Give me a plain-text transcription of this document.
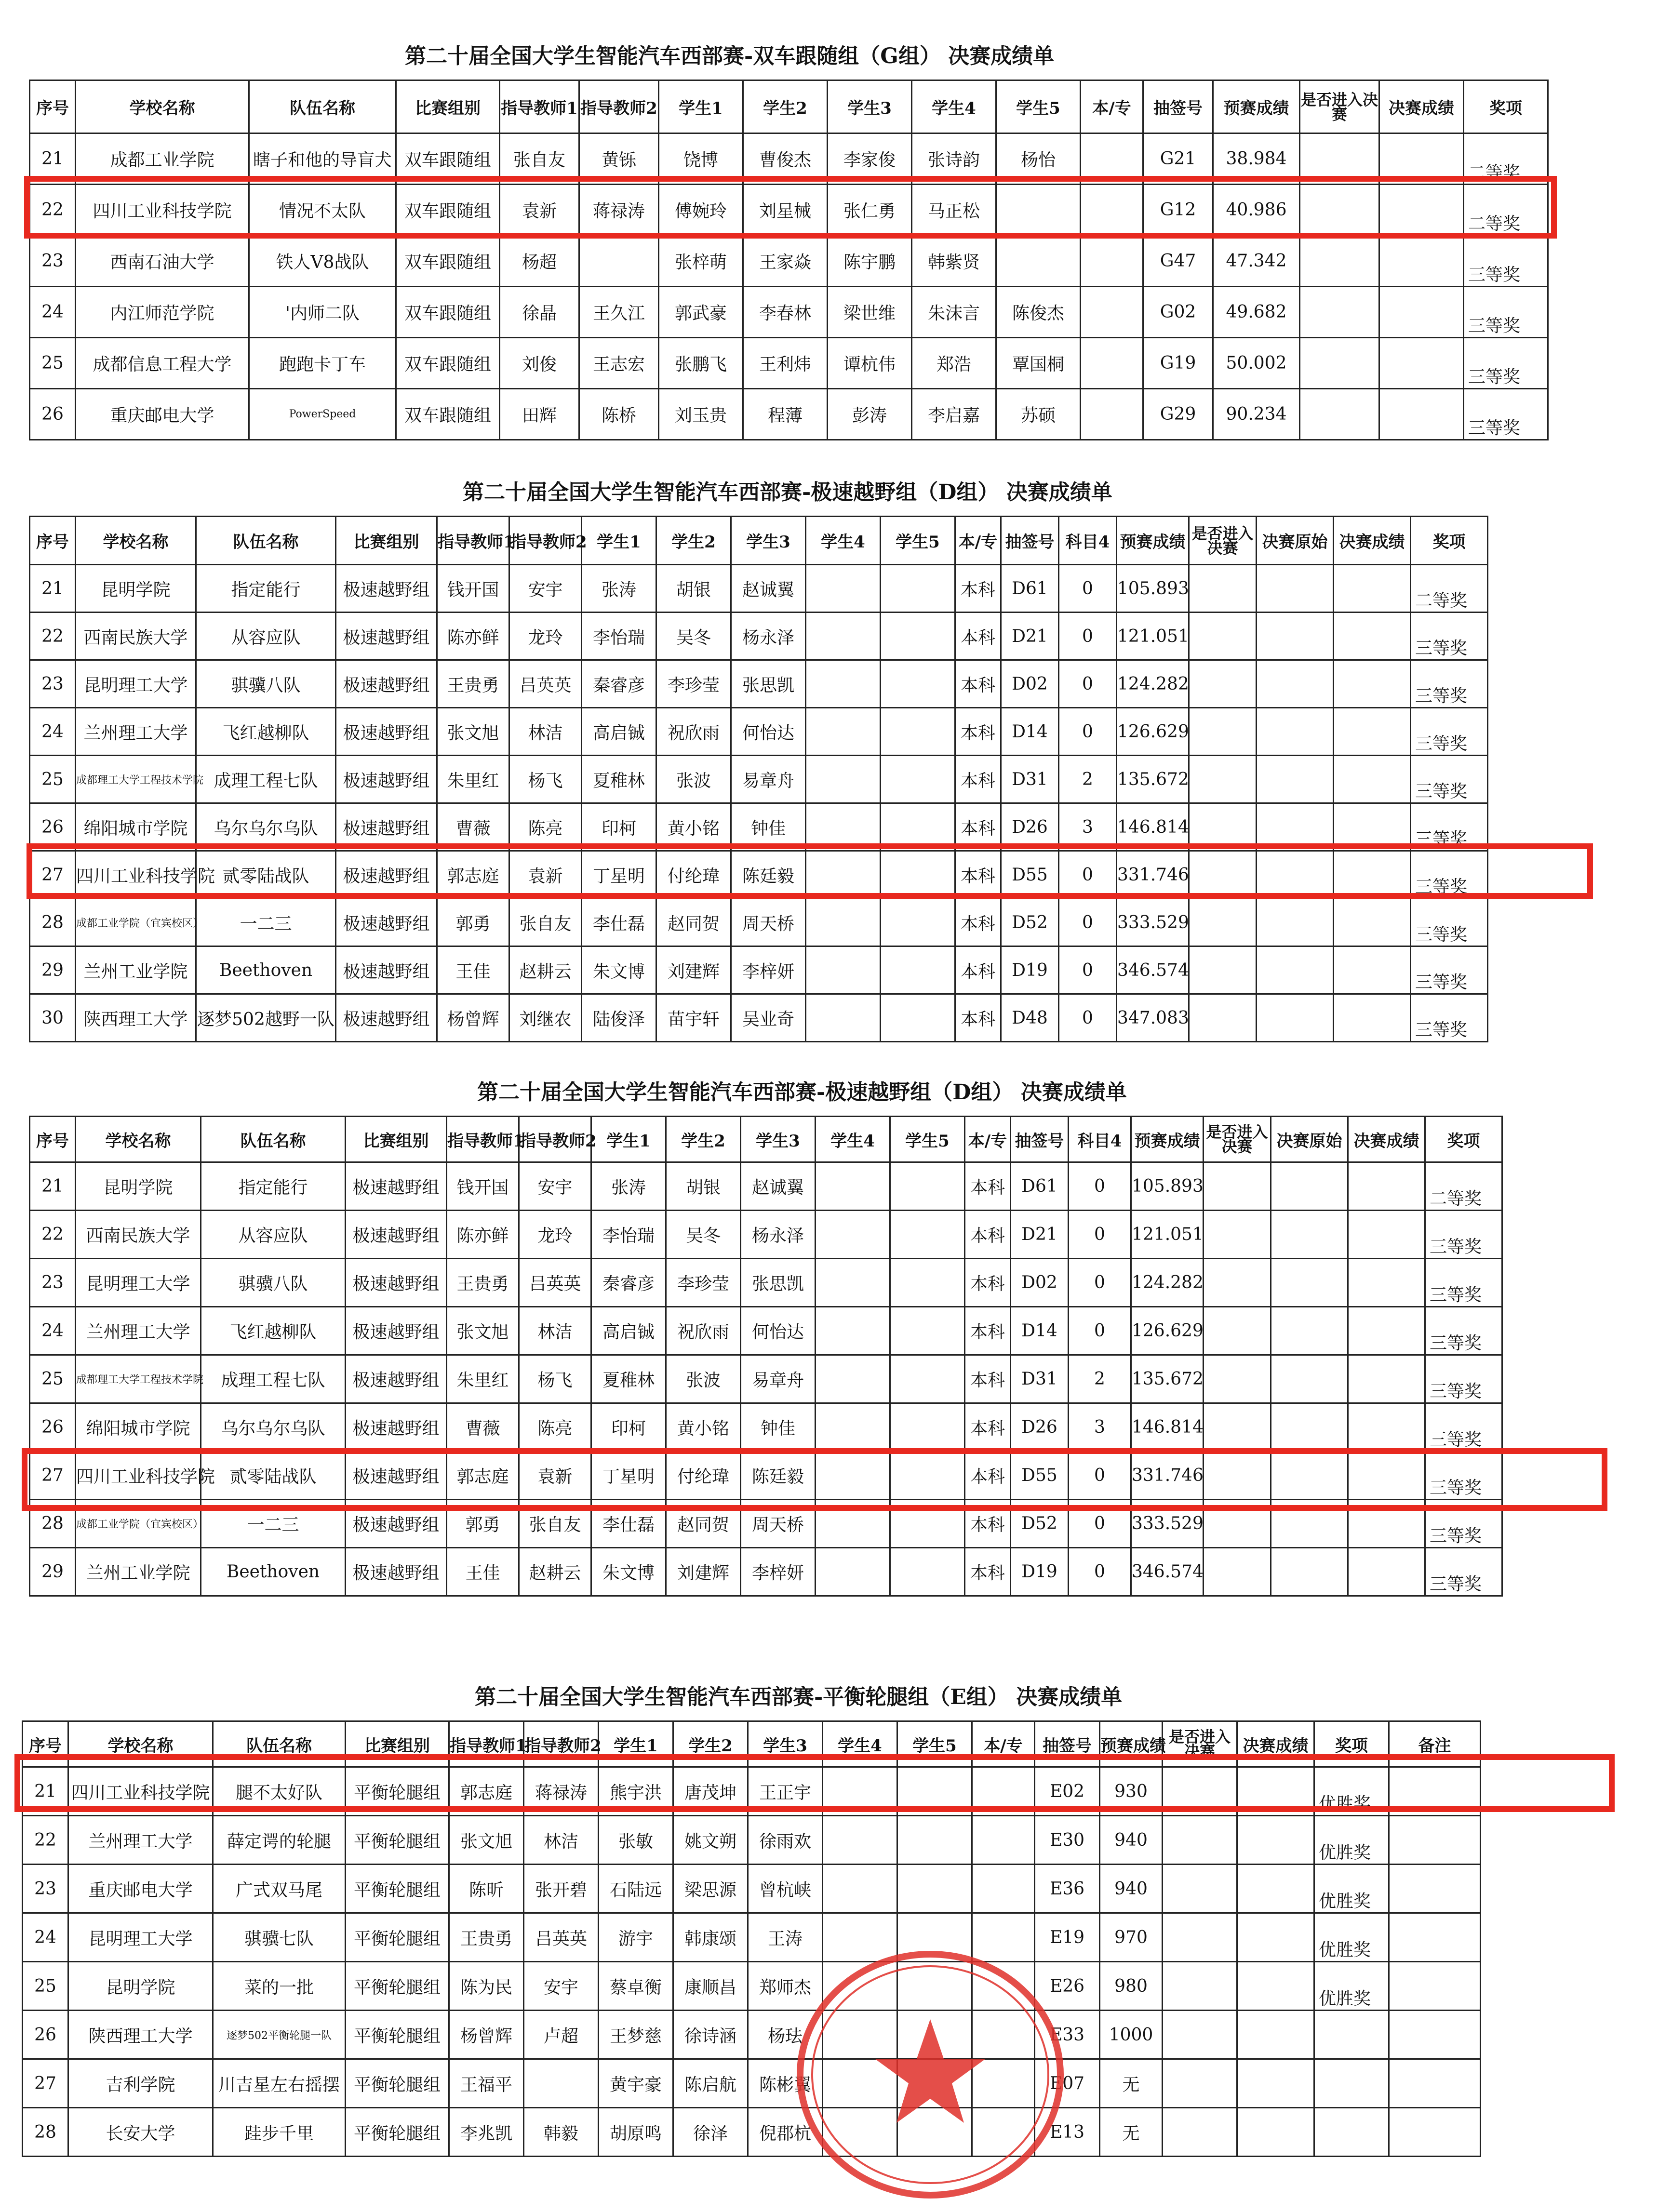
第二十届全国大学生智能汽车西部赛-双车跟随组（G组） 决赛成绩单
序号	学校名称	队伍名称	比赛组别	指导教师1	指导教师2	学生1	学生2	学生3	学生4	学生5	本/专	抽签号	预赛成绩	是否进入决赛	决赛成绩	奖项
21	成都工业学院	瞎子和他的导盲犬	双车跟随组	张自友	黄铄	饶博	曹俊杰	李家俊	张诗韵	杨怡		G21	38.984			二等奖
22	四川工业科技学院	情况不太队	双车跟随组	袁新	蒋禄涛	傅婉玲	刘星械	张仁勇	马正松			G12	40.986			二等奖
23	西南石油大学	铁人V8战队	双车跟随组	杨超		张梓萌	王家焱	陈宇鹏	韩紫贤			G47	47.342			三等奖
24	内江师范学院	'内师二队	双车跟随组	徐晶	王久江	郭武豪	李春林	梁世维	朱沫言	陈俊杰		G02	49.682			三等奖
25	成都信息工程大学	跑跑卡丁车	双车跟随组	刘俊	王志宏	张鹏飞	王利炜	谭杭伟	郑浩	覃国桐		G19	50.002			三等奖
26	重庆邮电大学	PowerSpeed	双车跟随组	田辉	陈桥	刘玉贵	程薄	彭涛	李启嘉	苏硕		G29	90.234			三等奖
第二十届全国大学生智能汽车西部赛-极速越野组（D组） 决赛成绩单
序号	学校名称	队伍名称	比赛组别	指导教师1	指导教师2	学生1	学生2	学生3	学生4	学生5	本/专	抽签号	科目4	预赛成绩	是否进入决赛	决赛原始	决赛成绩	奖项
21	昆明学院	指定能行	极速越野组	钱开国	安宇	张涛	胡银	赵诚翼			本科	D61	0	105.893				二等奖
22	西南民族大学	从容应队	极速越野组	陈亦鲜	龙玲	李怡瑞	吴冬	杨永泽			本科	D21	0	121.051				三等奖
23	昆明理工大学	骐骥八队	极速越野组	王贵勇	吕英英	秦睿彦	李珍莹	张思凯			本科	D02	0	124.282				三等奖
24	兰州理工大学	飞红越柳队	极速越野组	张文旭	林洁	高启铖	祝欣雨	何怡达			本科	D14	0	126.629				三等奖
25	成都理工大学工程技术学院	成理工程七队	极速越野组	朱里红	杨飞	夏稚林	张波	易章舟			本科	D31	2	135.672				三等奖
26	绵阳城市学院	乌尔乌尔乌队	极速越野组	曹薇	陈亮	印柯	黄小铭	钟佳			本科	D26	3	146.814				三等奖
27	四川工业科技学院	贰零陆战队	极速越野组	郭志庭	袁新	丁星明	付纶瑋	陈廷毅			本科	D55	0	331.746				三等奖
28	成都工业学院（宜宾校区）	一二三	极速越野组	郭勇	张自友	李仕磊	赵同贺	周天桥			本科	D52	0	333.529				三等奖
29	兰州工业学院	Beethoven	极速越野组	王佳	赵耕云	朱文博	刘建辉	李梓妍			本科	D19	0	346.574				三等奖
30	陕西理工大学	逐梦502越野一队	极速越野组	杨曾辉	刘继农	陆俊泽	苗宇轩	吴业奇			本科	D48	0	347.083				三等奖
第二十届全国大学生智能汽车西部赛-极速越野组（D组） 决赛成绩单
序号	学校名称	队伍名称	比赛组别	指导教师1	指导教师2	学生1	学生2	学生3	学生4	学生5	本/专	抽签号	科目4	预赛成绩	是否进入决赛	决赛原始	决赛成绩	奖项
21	昆明学院	指定能行	极速越野组	钱开国	安宇	张涛	胡银	赵诚翼			本科	D61	0	105.893				二等奖
22	西南民族大学	从容应队	极速越野组	陈亦鲜	龙玲	李怡瑞	吴冬	杨永泽			本科	D21	0	121.051				三等奖
23	昆明理工大学	骐骥八队	极速越野组	王贵勇	吕英英	秦睿彦	李珍莹	张思凯			本科	D02	0	124.282				三等奖
24	兰州理工大学	飞红越柳队	极速越野组	张文旭	林洁	高启铖	祝欣雨	何怡达			本科	D14	0	126.629				三等奖
25	成都理工大学工程技术学院	成理工程七队	极速越野组	朱里红	杨飞	夏稚林	张波	易章舟			本科	D31	2	135.672				三等奖
26	绵阳城市学院	乌尔乌尔乌队	极速越野组	曹薇	陈亮	印柯	黄小铭	钟佳			本科	D26	3	146.814				三等奖
27	四川工业科技学院	贰零陆战队	极速越野组	郭志庭	袁新	丁星明	付纶瑋	陈廷毅			本科	D55	0	331.746				三等奖
28	成都工业学院（宜宾校区）	一二三	极速越野组	郭勇	张自友	李仕磊	赵同贺	周天桥			本科	D52	0	333.529				三等奖
29	兰州工业学院	Beethoven	极速越野组	王佳	赵耕云	朱文博	刘建辉	李梓妍			本科	D19	0	346.574				三等奖
第二十届全国大学生智能汽车西部赛-平衡轮腿组（E组） 决赛成绩单
序号	学校名称	队伍名称	比赛组别	指导教师1	指导教师2	学生1	学生2	学生3	学生4	学生5	本/专	抽签号	预赛成绩	是否进入决赛	决赛成绩	奖项	备注
21	四川工业科技学院	腿不太好队	平衡轮腿组	郭志庭	蒋禄涛	熊宇洪	唐茂坤	王正宇				E02	930			优胜奖	
22	兰州理工大学	薛定谔的轮腿	平衡轮腿组	张文旭	林洁	张敏	姚文朔	徐雨欢				E30	940			优胜奖	
23	重庆邮电大学	广式双马尾	平衡轮腿组	陈昕	张开碧	石陆远	梁思源	曾杭峡				E36	940			优胜奖	
24	昆明理工大学	骐骥七队	平衡轮腿组	王贵勇	吕英英	游宇	韩康颂	王涛				E19	970			优胜奖	
25	昆明学院	菜的一批	平衡轮腿组	陈为民	安宇	蔡卓衡	康顺昌	郑师杰				E26	980			优胜奖	
26	陕西理工大学	逐梦502平衡轮腿一队	平衡轮腿组	杨曾辉	卢超	王梦慈	徐诗涵	杨珐				E33	1000				
27	吉利学院	川吉星左右摇摆	平衡轮腿组	王福平		黄宇豪	陈启航	陈彬翼				E07	无				
28	长安大学	跬步千里	平衡轮腿组	李兆凯	韩毅	胡原鸣	徐泽	倪郡杭				E13	无				
